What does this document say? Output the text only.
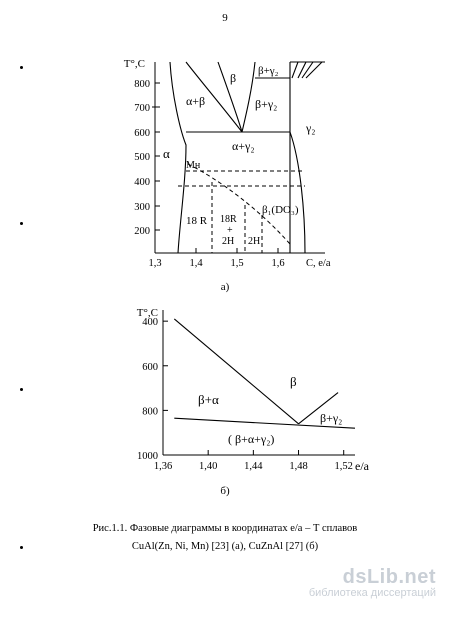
9
T°,C
800
700
600
500
400
300
200
1,3	1,4	1,5	1,6 C, e/a
β β+γ₂
α+β	β+γ₂
γ₂
α	α+γ₂
Mн
18 R 18R
+
2H 2H
β₁(DO₃)
a)
1000
800
600
400
1,36	1,40	1,44	1,48	1,52
T°,C
e/a
β
β+α
β+γ₂
( β+α+γ₂)
б)
Рис.1.1. Фазовые диаграммы в координатах е/а – Т сплавов
CuAl(Zn, Ni, Mn) [23] (а), CuZnAl [27] (б)
dsLib.net
библиотека диссертаций
